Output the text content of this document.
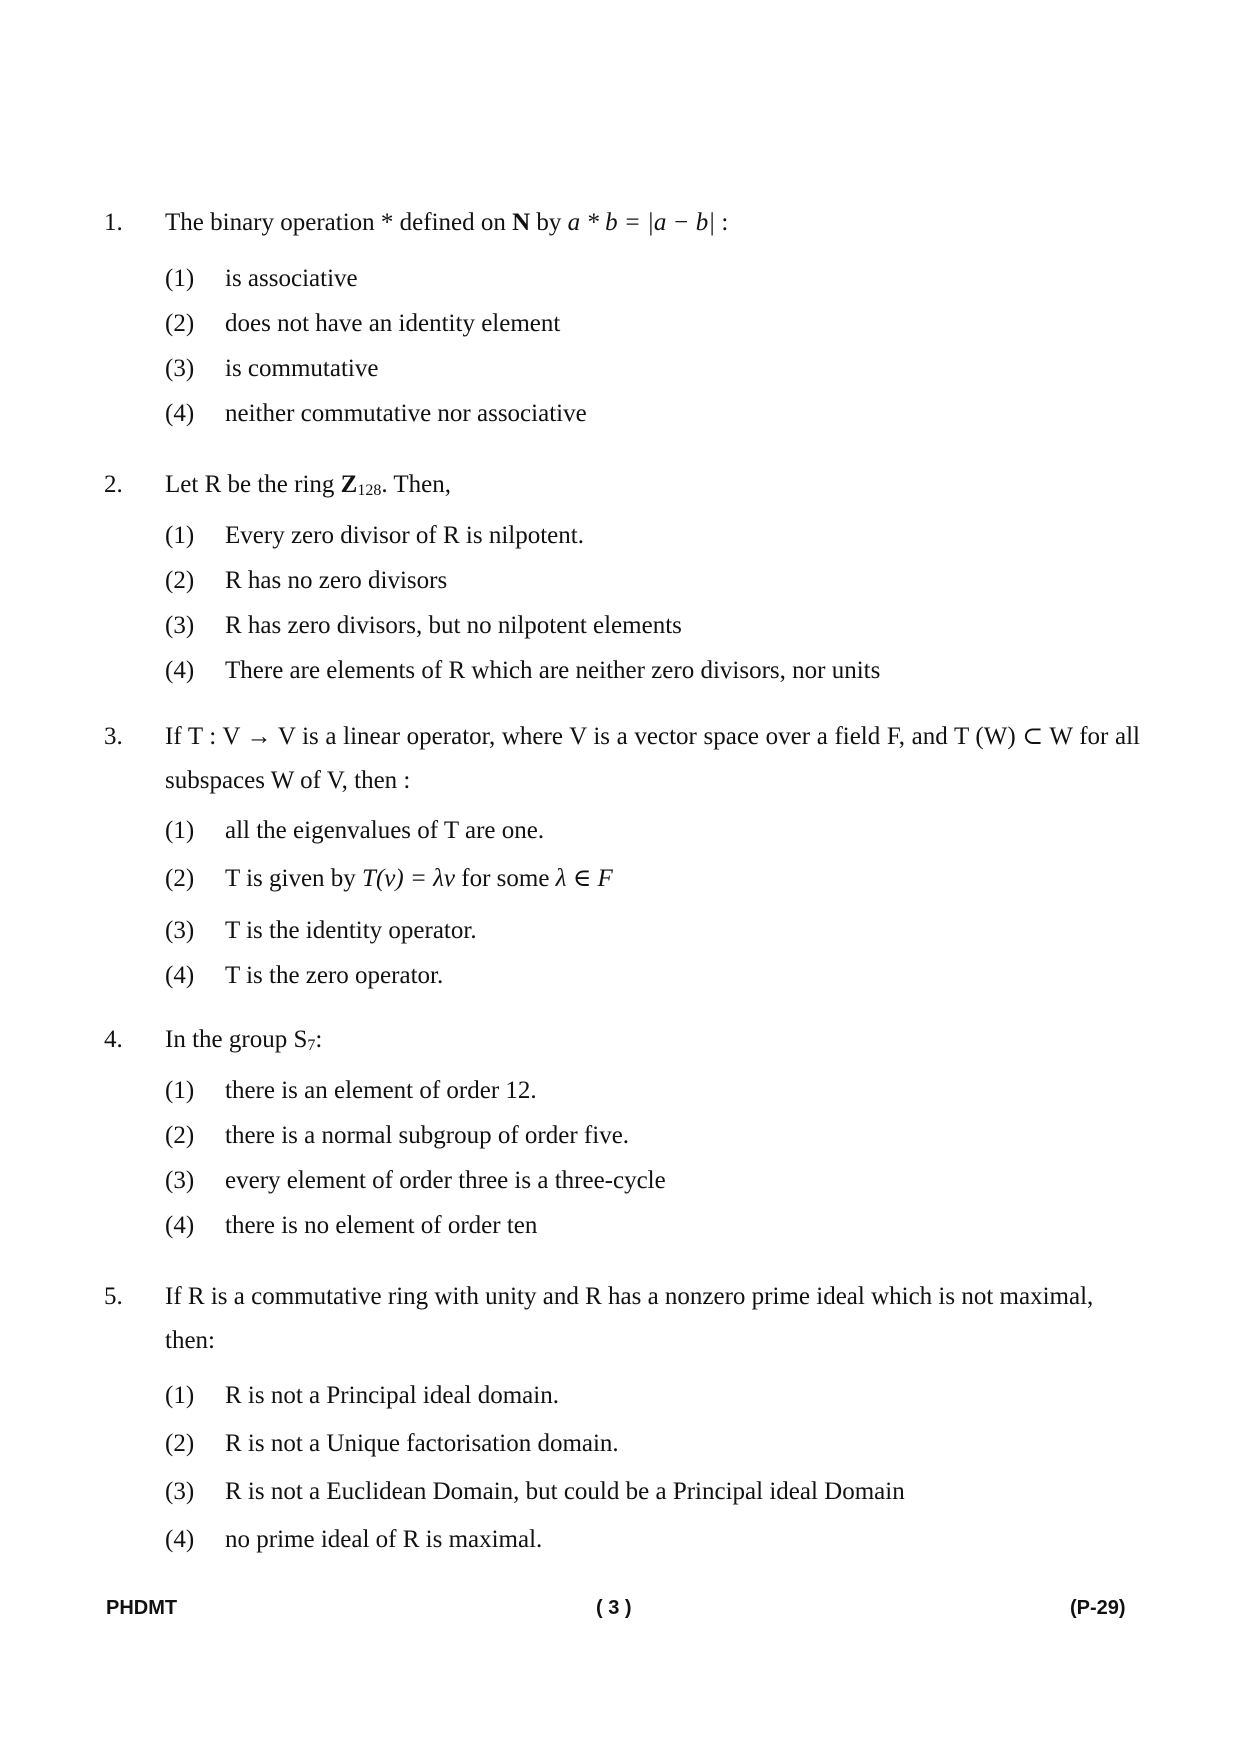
1. The binary operation * defined on N by a * b = |a − b| :
(1) is associative
(2) does not have an identity element
(3) is commutative
(4) neither commutative nor associative
2. Let R be the ring Z128. Then,
(1) Every zero divisor of R is nilpotent.
(2) R has no zero divisors
(3) R has zero divisors, but no nilpotent elements
(4) There are elements of R which are neither zero divisors, nor units
3. If T : V → V is a linear operator, where V is a vector space over a field F, and T (W) ⊂ W for all subspaces W of V, then :
(1) all the eigenvalues of T are one.
(2) T is given by T(v) = λv for some λ ∈ F
(3) T is the identity operator.
(4) T is the zero operator.
4. In the group S7:
(1) there is an element of order 12.
(2) there is a normal subgroup of order five.
(3) every element of order three is a three-cycle
(4) there is no element of order ten
5. If R is a commutative ring with unity and R has a nonzero prime ideal which is not maximal, then:
(1) R is not a Principal ideal domain.
(2) R is not a Unique factorisation domain.
(3) R is not a Euclidean Domain, but could be a Principal ideal Domain
(4) no prime ideal of R is maximal.
PHDMT	( 3 )	(P-29)
